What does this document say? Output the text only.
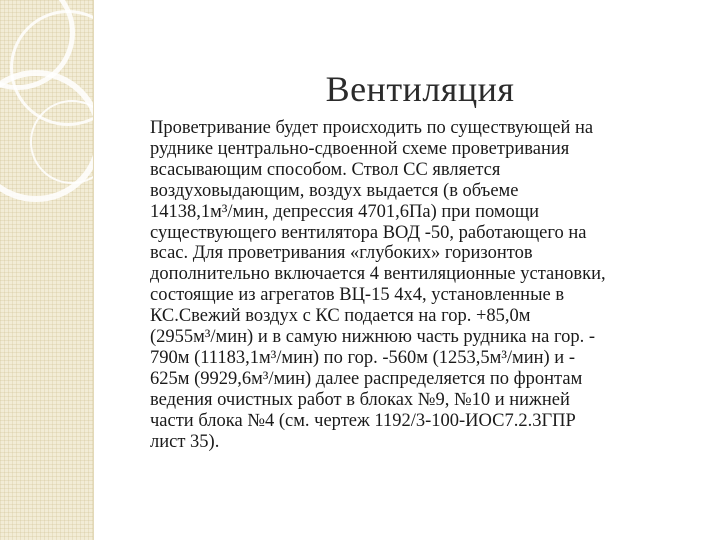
Вентиляция

Проветривание будет происходить по существующей на
руднике центрально-сдвоенной схеме проветривания
всасывающим способом. Ствол СС является
воздуховыдающим, воздух выдается (в объеме
14138,1м³/мин, депрессия 4701,6Па) при помощи
существующего вентилятора ВОД -50, работающего на
всас. Для проветривания «глубоких» горизонтов
дополнительно включается 4 вентиляционные установки,
состоящие из агрегатов ВЦ-15 4х4, установленные в
КС.Свежий воздух с КС подается на гор. +85,0м
(2955м³/мин) и в самую нижнюю часть рудника на гор. -
790м (11183,1м³/мин) по гор. -560м (1253,5м³/мин) и -
625м (9929,6м³/мин) далее распределяется по фронтам
ведения очистных работ в блоках №9, №10 и нижней
части блока №4 (см. чертеж 1192/3-100-ИОС7.2.3ГПР
лист 35).
